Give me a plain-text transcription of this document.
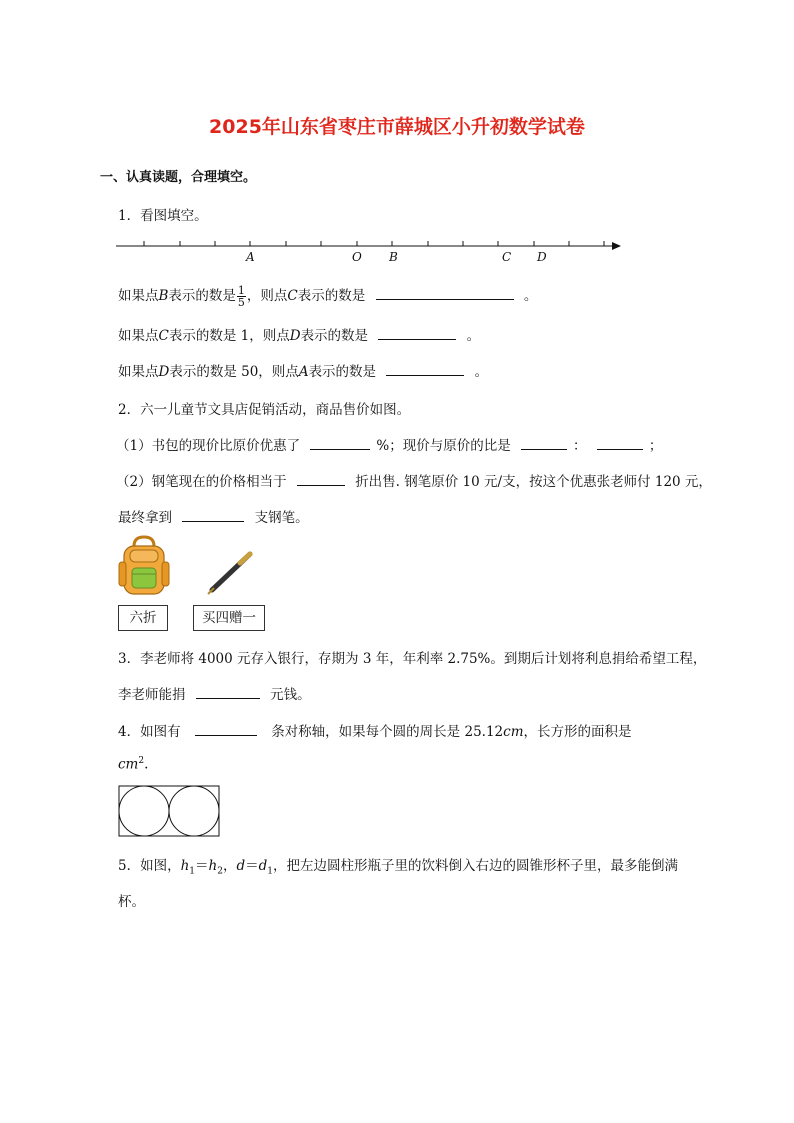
2025年山东省枣庄市薛城区小升初数学试卷
一、认真读题，合理填空。
1．看图填空。
A	O B	C D
如果点B表示的数是 $\frac{1}{5}$ ，则点C表示的数是	。
如果点C表示的数是 1，则点D表示的数是	。
如果点D表示的数是 50，则点A表示的数是	。
2．六一儿童节文具店促销活动，商品售价如图。
（1）书包的现价比原价优惠了	%；现价与原价的比是	：	；
（2）钢笔现在的价格相当于	折出售. 钢笔原价 10 元/支，按这个优惠张老师付 120 元，
最终拿到	支钢笔。
六折	买四赠一
3．李老师将 4000 元存入银行，存期为 3 年，年利率 2.75%。到期后计划将利息捐给希望工程，
李老师能捐	元钱。
4．如图有	条对称轴，如果每个圆的周长是 25.12cm，长方形的面积是
$cm^2$.
5．如图，$h_1=h_2$，$d=d_1$，把左边圆柱形瓶子里的饮料倒入右边的圆锥形杯子里，最多能倒满
杯。
